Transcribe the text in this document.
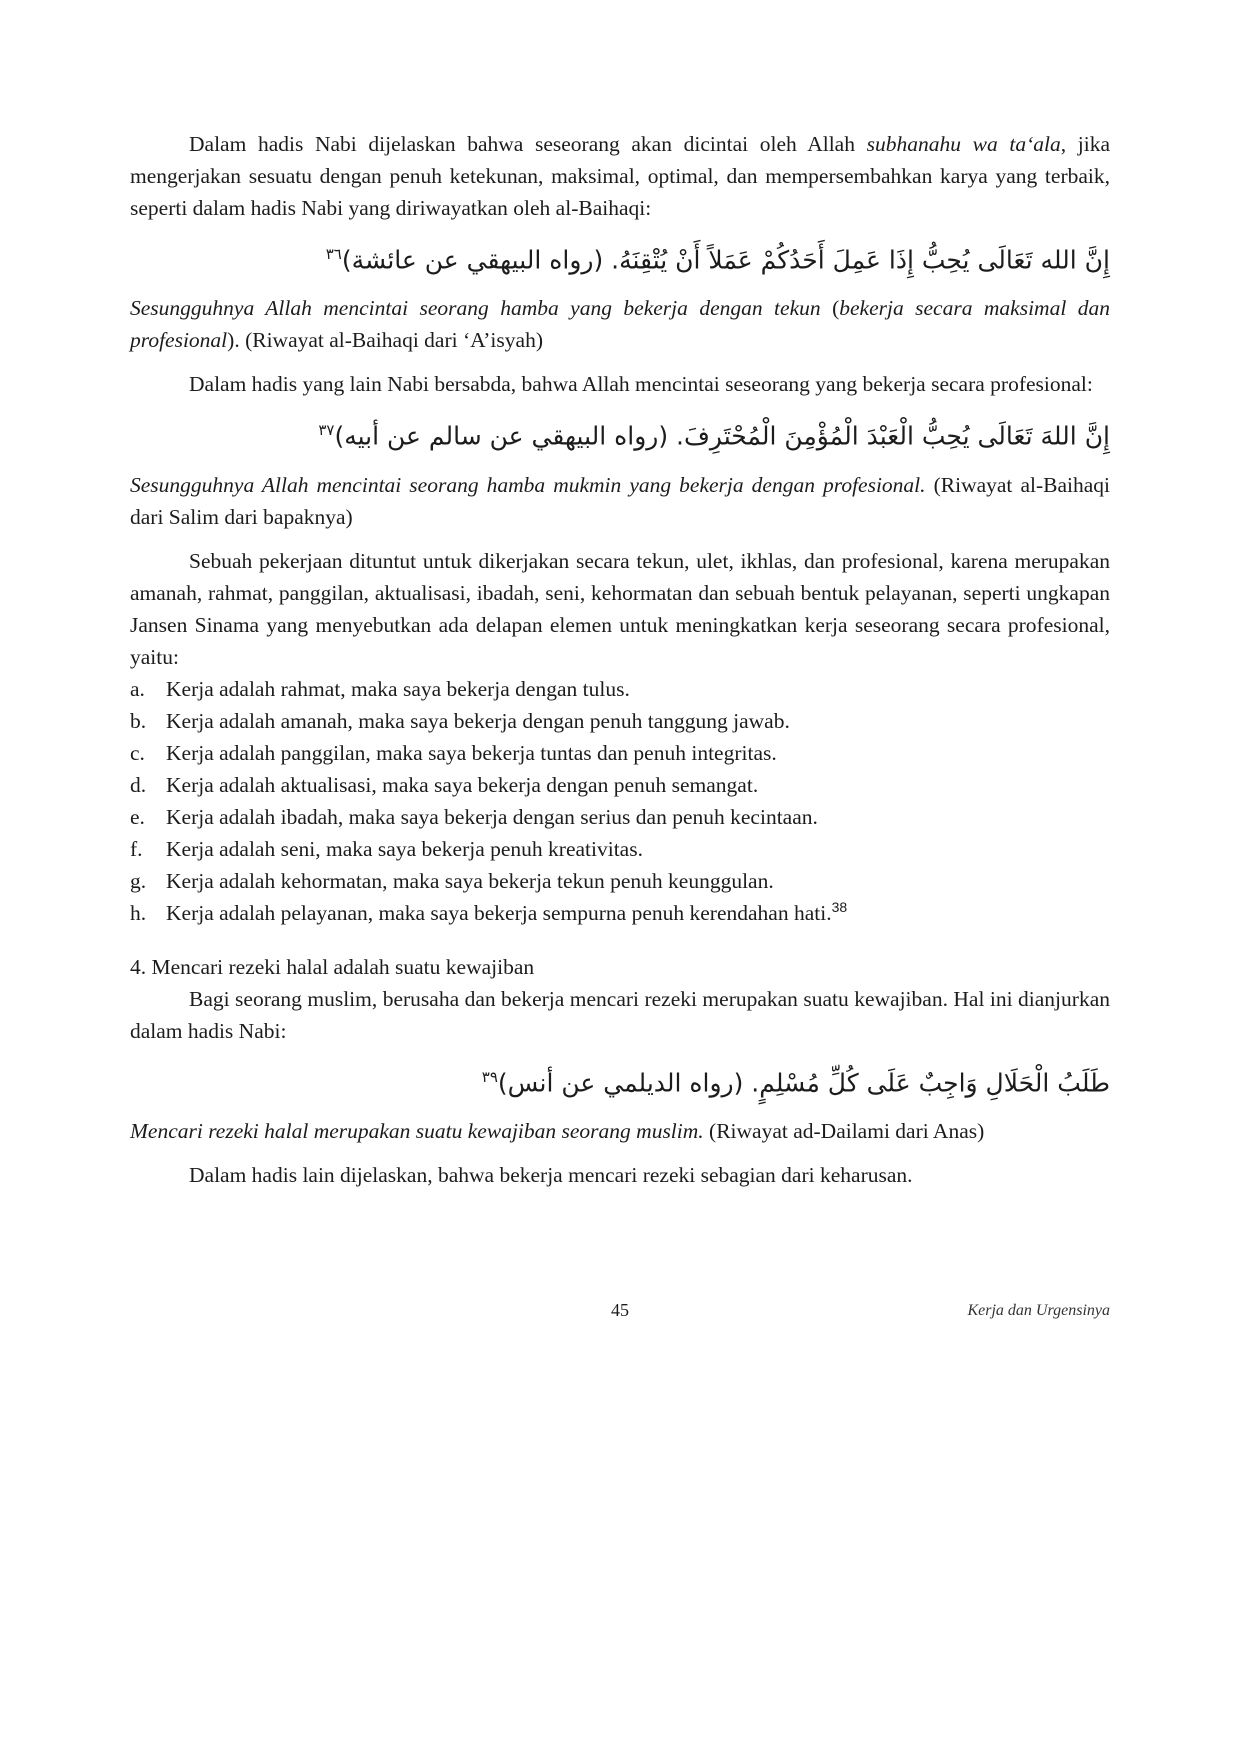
Dalam hadis Nabi dijelaskan bahwa seseorang akan dicintai oleh Allah subhanahu wa ta‘ala, jika mengerjakan sesuatu dengan penuh ketekunan, maksimal, optimal, dan mempersembahkan karya yang terbaik, seperti dalam hadis Nabi yang diriwayatkan oleh al-Baihaqi:

إِنَّ الله تَعَالَى يُحِبُّ إِذَا عَمِلَ أَحَدُكُمْ عَمَلاً أَنْ يُتْقِنَهُ. (رواه البيهقي عن عائشة)$^{٣٦}$

Sesungguhnya Allah mencintai seorang hamba yang bekerja dengan tekun (bekerja secara maksimal dan profesional). (Riwayat al-Baihaqi dari ‘A’isyah)

Dalam hadis yang lain Nabi bersabda, bahwa Allah mencintai seseorang yang bekerja secara profesional:

إِنَّ اللهَ تَعَالَى يُحِبُّ الْعَبْدَ الْمُؤْمِنَ الْمُحْتَرِفَ. (رواه البيهقي عن سالم عن أبيه)$^{٣٧}$

Sesungguhnya Allah mencintai seorang hamba mukmin yang bekerja dengan profesional. (Riwayat al-Baihaqi dari Salim dari bapaknya)

Sebuah pekerjaan dituntut untuk dikerjakan secara tekun, ulet, ikhlas, dan profesional, karena merupakan amanah, rahmat, panggilan, aktualisasi, ibadah, seni, kehormatan dan sebuah bentuk pelayanan, seperti ungkapan Jansen Sinama yang menyebutkan ada delapan elemen untuk meningkatkan kerja seseorang secara profesional, yaitu:

a. Kerja adalah rahmat, maka saya bekerja dengan tulus.
b. Kerja adalah amanah, maka saya bekerja dengan penuh tanggung jawab.
c. Kerja adalah panggilan, maka saya bekerja tuntas dan penuh integritas.
d. Kerja adalah aktualisasi, maka saya bekerja dengan penuh semangat.
e. Kerja adalah ibadah, maka saya bekerja dengan serius dan penuh kecintaan.
f.	Kerja adalah seni, maka saya bekerja penuh kreativitas.
g. Kerja adalah kehormatan, maka saya bekerja tekun penuh keunggulan.
h. Kerja adalah pelayanan, maka saya bekerja sempurna penuh kerendahan hati.$^{38}$

4. Mencari rezeki halal adalah suatu kewajiban

Bagi seorang muslim, berusaha dan bekerja mencari rezeki merupakan suatu kewajiban. Hal ini dianjurkan dalam hadis Nabi:

طَلَبُ الْحَلَالِ وَاجِبٌ عَلَى كُلِّ مُسْلِمٍ. (رواه الديلمي عن أنس)$^{٣٩}$

Mencari rezeki halal merupakan suatu kewajiban seorang muslim. (Riwayat ad-Dailami dari Anas)

Dalam hadis lain dijelaskan, bahwa bekerja mencari rezeki sebagian dari keharusan.

45	Kerja dan Urgensinya
